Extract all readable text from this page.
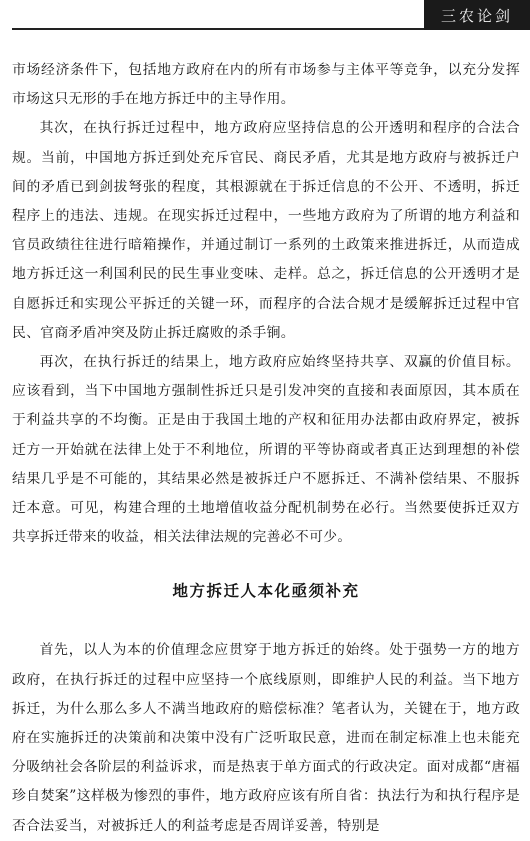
三农论剑

市场经济条件下，包括地方政府在内的所有市场参与主体平等竞争，以充分发挥市场这只无形的手在地方拆迁中的主导作用。

其次，在执行拆迁过程中，地方政府应坚持信息的公开透明和程序的合法合规。当前，中国地方拆迁到处充斥官民、商民矛盾，尤其是地方政府与被拆迁户间的矛盾已到剑拔弩张的程度，其根源就在于拆迁信息的不公开、不透明，拆迁程序上的违法、违规。在现实拆迁过程中，一些地方政府为了所谓的地方利益和官员政绩往往进行暗箱操作，并通过制订一系列的土政策来推进拆迁，从而造成地方拆迁这一利国利民的民生事业变味、走样。总之，拆迁信息的公开透明才是自愿拆迁和实现公平拆迁的关键一环，而程序的合法合规才是缓解拆迁过程中官民、官商矛盾冲突及防止拆迁腐败的杀手锏。

再次，在执行拆迁的结果上，地方政府应始终坚持共享、双赢的价值目标。应该看到，当下中国地方强制性拆迁只是引发冲突的直接和表面原因，其本质在于利益共享的不均衡。正是由于我国土地的产权和征用办法都由政府界定，被拆迁方一开始就在法律上处于不利地位，所谓的平等协商或者真正达到理想的补偿结果几乎是不可能的，其结果必然是被拆迁户不愿拆迁、不满补偿结果、不服拆迁本意。可见，构建合理的土地增值收益分配机制势在必行。当然要使拆迁双方共享拆迁带来的收益，相关法律法规的完善必不可少。

地方拆迁人本化亟须补充

首先，以人为本的价值理念应贯穿于地方拆迁的始终。处于强势一方的地方政府，在执行拆迁的过程中应坚持一个底线原则，即维护人民的利益。当下地方拆迁，为什么那么多人不满当地政府的赔偿标准？笔者认为，关键在于，地方政府在实施拆迁的决策前和决策中没有广泛听取民意，进而在制定标准上也未能充分吸纳社会各阶层的利益诉求，而是热衷于单方面式的行政决定。面对成都“唐福珍自焚案”这样极为惨烈的事件，地方政府应该有所自省：执法行为和执行程序是否合法妥当，对被拆迁人的利益考虑是否周详妥善，特别是
